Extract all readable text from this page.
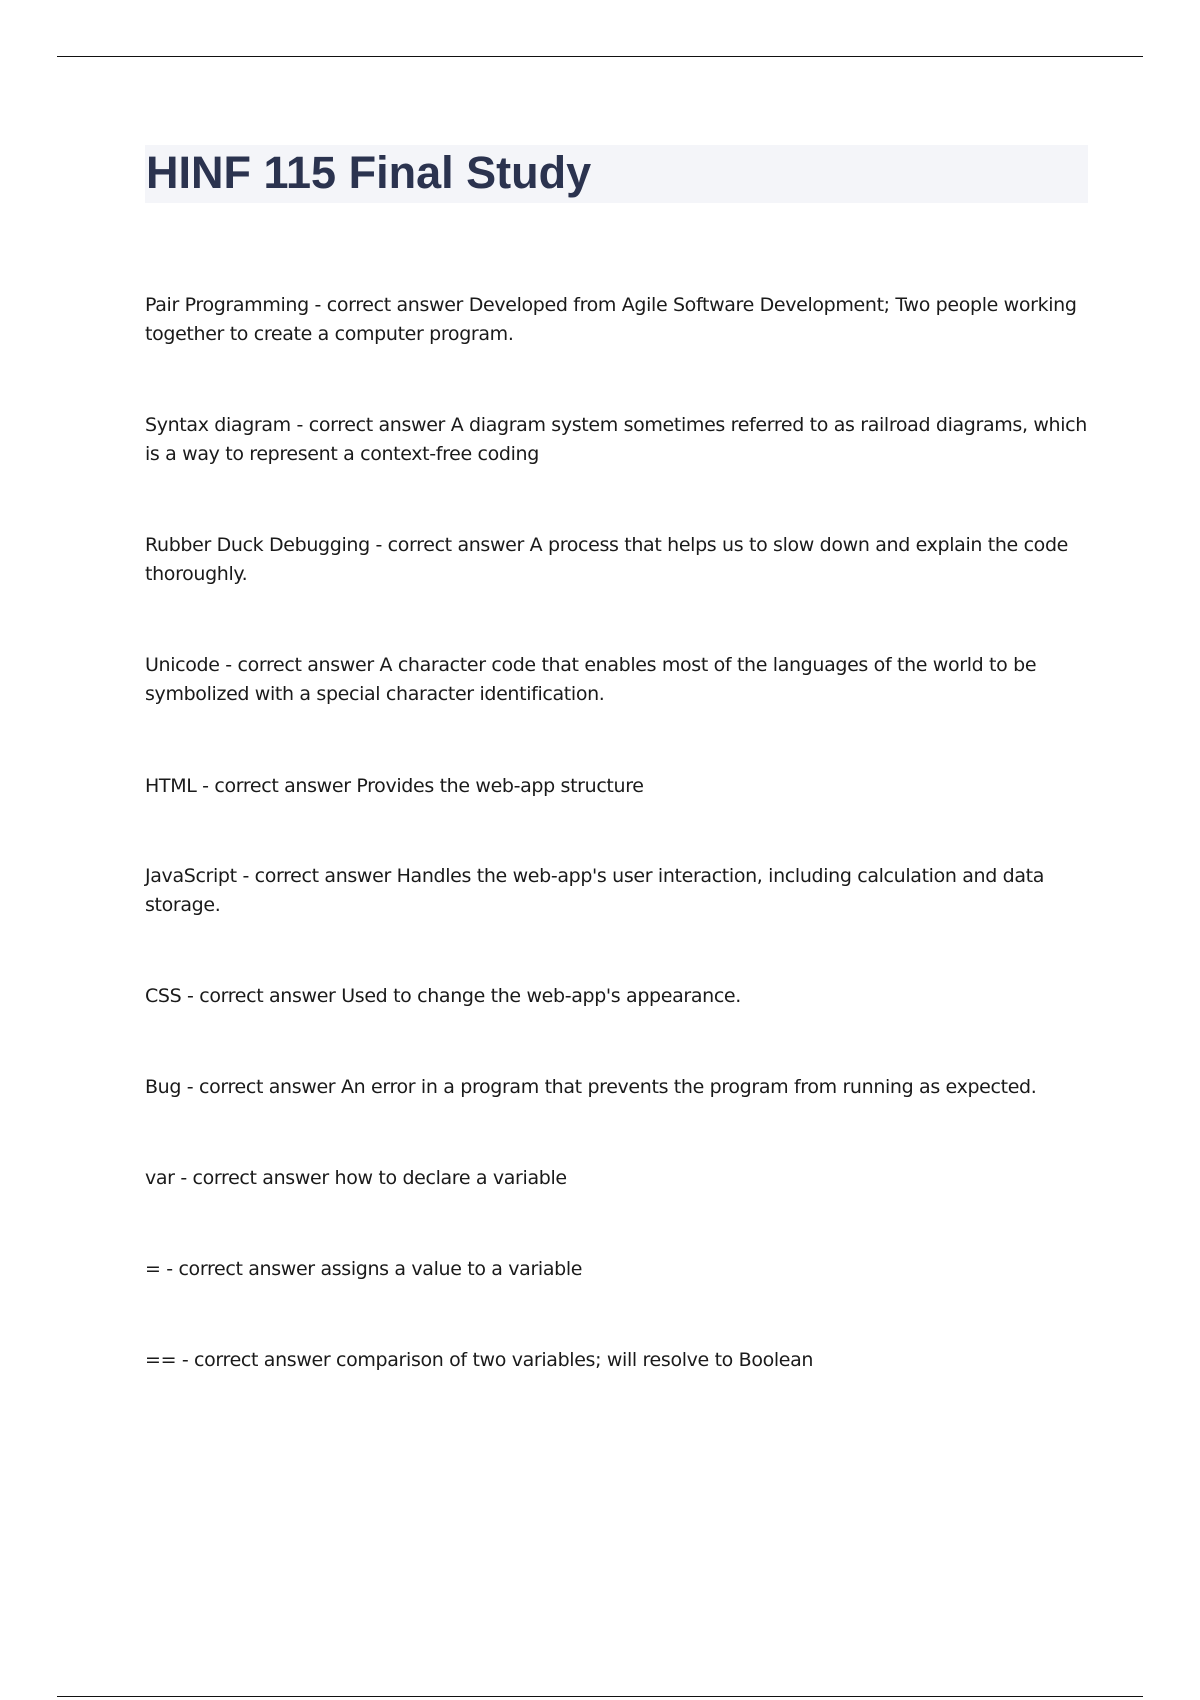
HINF 115 Final Study

Pair Programming - correct answer Developed from Agile Software Development; Two people working together to create a computer program.

Syntax diagram - correct answer A diagram system sometimes referred to as railroad diagrams, which is a way to represent a context-free coding

Rubber Duck Debugging - correct answer A process that helps us to slow down and explain the code thoroughly.

Unicode - correct answer A character code that enables most of the languages of the world to be symbolized with a special character identification.

HTML - correct answer Provides the web-app structure

JavaScript - correct answer Handles the web-app's user interaction, including calculation and data storage.

CSS - correct answer Used to change the web-app's appearance.

Bug - correct answer An error in a program that prevents the program from running as expected.

var - correct answer how to declare a variable

= - correct answer assigns a value to a variable

== - correct answer comparison of two variables; will resolve to Boolean
